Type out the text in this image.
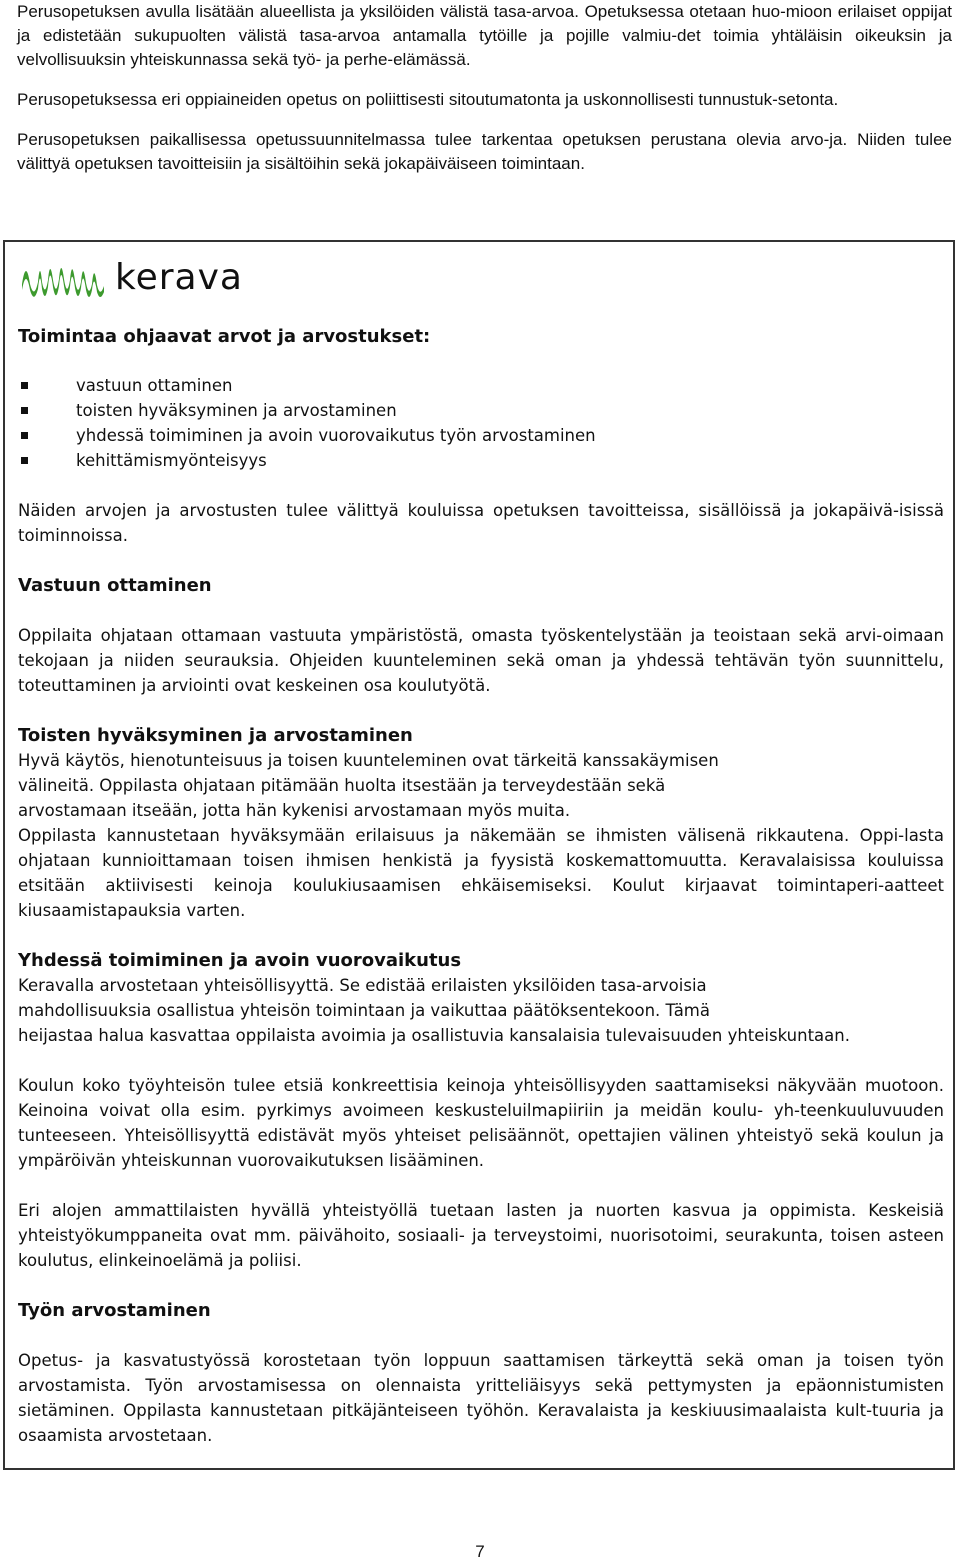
Perusopetuksen avulla lisätään alueellista ja yksilöiden välistä tasa-arvoa. Opetuksessa otetaan huo-mioon erilaiset oppijat ja edistetään sukupuolten välistä tasa-arvoa antamalla tytöille ja pojille valmiu-det toimia yhtäläisin oikeuksin ja velvollisuuksin yhteiskunnassa sekä työ- ja perhe-elämässä.

Perusopetuksessa eri oppiaineiden opetus on poliittisesti sitoutumatonta ja uskonnollisesti tunnustuk-setonta.

Perusopetuksen paikallisessa opetussuunnitelmassa tulee tarkentaa opetuksen perustana olevia arvo-ja. Niiden tulee välittyä opetuksen tavoitteisiin ja sisältöihin sekä jokapäiväiseen toimintaan.

kerava

Toimintaa ohjaavat arvot ja arvostukset:

vastuun ottaminen
toisten hyväksyminen ja arvostaminen
yhdessä toimiminen ja avoin vuorovaikutus työn arvostaminen
kehittämismyönteisyys

Näiden arvojen ja arvostusten tulee välittyä kouluissa opetuksen tavoitteissa, sisällöissä ja jokapäivä-isissä toiminnoissa.

Vastuun ottaminen

Oppilaita ohjataan ottamaan vastuuta ympäristöstä, omasta työskentelystään ja teoistaan sekä arvi-oimaan tekojaan ja niiden seurauksia. Ohjeiden kuunteleminen sekä oman ja yhdessä tehtävän työn suunnittelu, toteuttaminen ja arviointi ovat keskeinen osa koulutyötä.

Toisten hyväksyminen ja arvostaminen

Hyvä käytös, hienotunteisuus ja toisen kuunteleminen ovat tärkeitä kanssakäymisen

välineitä. Oppilasta ohjataan pitämään huolta itsestään ja terveydestään sekä

arvostamaan itseään, jotta hän kykenisi arvostamaan myös muita.

Oppilasta kannustetaan hyväksymään erilaisuus ja näkemään se ihmisten välisenä rikkautena. Oppi-lasta ohjataan kunnioittamaan toisen ihmisen henkistä ja fyysistä koskemattomuutta. Keravalaisissa kouluissa etsitään aktiivisesti keinoja koulukiusaamisen ehkäisemiseksi. Koulut kirjaavat toimintaperi-aatteet kiusaamistapauksia varten.

Yhdessä toimiminen ja avoin vuorovaikutus

Keravalla arvostetaan yhteisöllisyyttä. Se edistää erilaisten yksilöiden tasa-arvoisia

mahdollisuuksia osallistua yhteisön toimintaan ja vaikuttaa päätöksentekoon. Tämä

heijastaa halua kasvattaa oppilaista avoimia ja osallistuvia kansalaisia tulevaisuuden yhteiskuntaan.

Koulun koko työyhteisön tulee etsiä konkreettisia keinoja yhteisöllisyyden saattamiseksi näkyvään muotoon. Keinoina voivat olla esim. pyrkimys avoimeen keskusteluilmapiiriin ja meidän koulu- yh-teenkuuluvuuden tunteeseen. Yhteisöllisyyttä edistävät myös yhteiset pelisäännöt, opettajien välinen yhteistyö sekä koulun ja ympäröivän yhteiskunnan vuorovaikutuksen lisääminen.

Eri alojen ammattilaisten hyvällä yhteistyöllä tuetaan lasten ja nuorten kasvua ja oppimista. Keskeisiä yhteistyökumppaneita ovat mm. päivähoito, sosiaali- ja terveystoimi, nuorisotoimi, seurakunta, toisen asteen koulutus, elinkeinoelämä ja poliisi.

Työn arvostaminen

Opetus- ja kasvatustyössä korostetaan työn loppuun saattamisen tärkeyttä sekä oman ja toisen työn arvostamista. Työn arvostamisessa on olennaista yritteliäisyys sekä pettymysten ja epäonnistumisten sietäminen. Oppilasta kannustetaan pitkäjänteiseen työhön. Keravalaista ja keskiuusimaalaista kult-tuuria ja osaamista arvostetaan.

7
